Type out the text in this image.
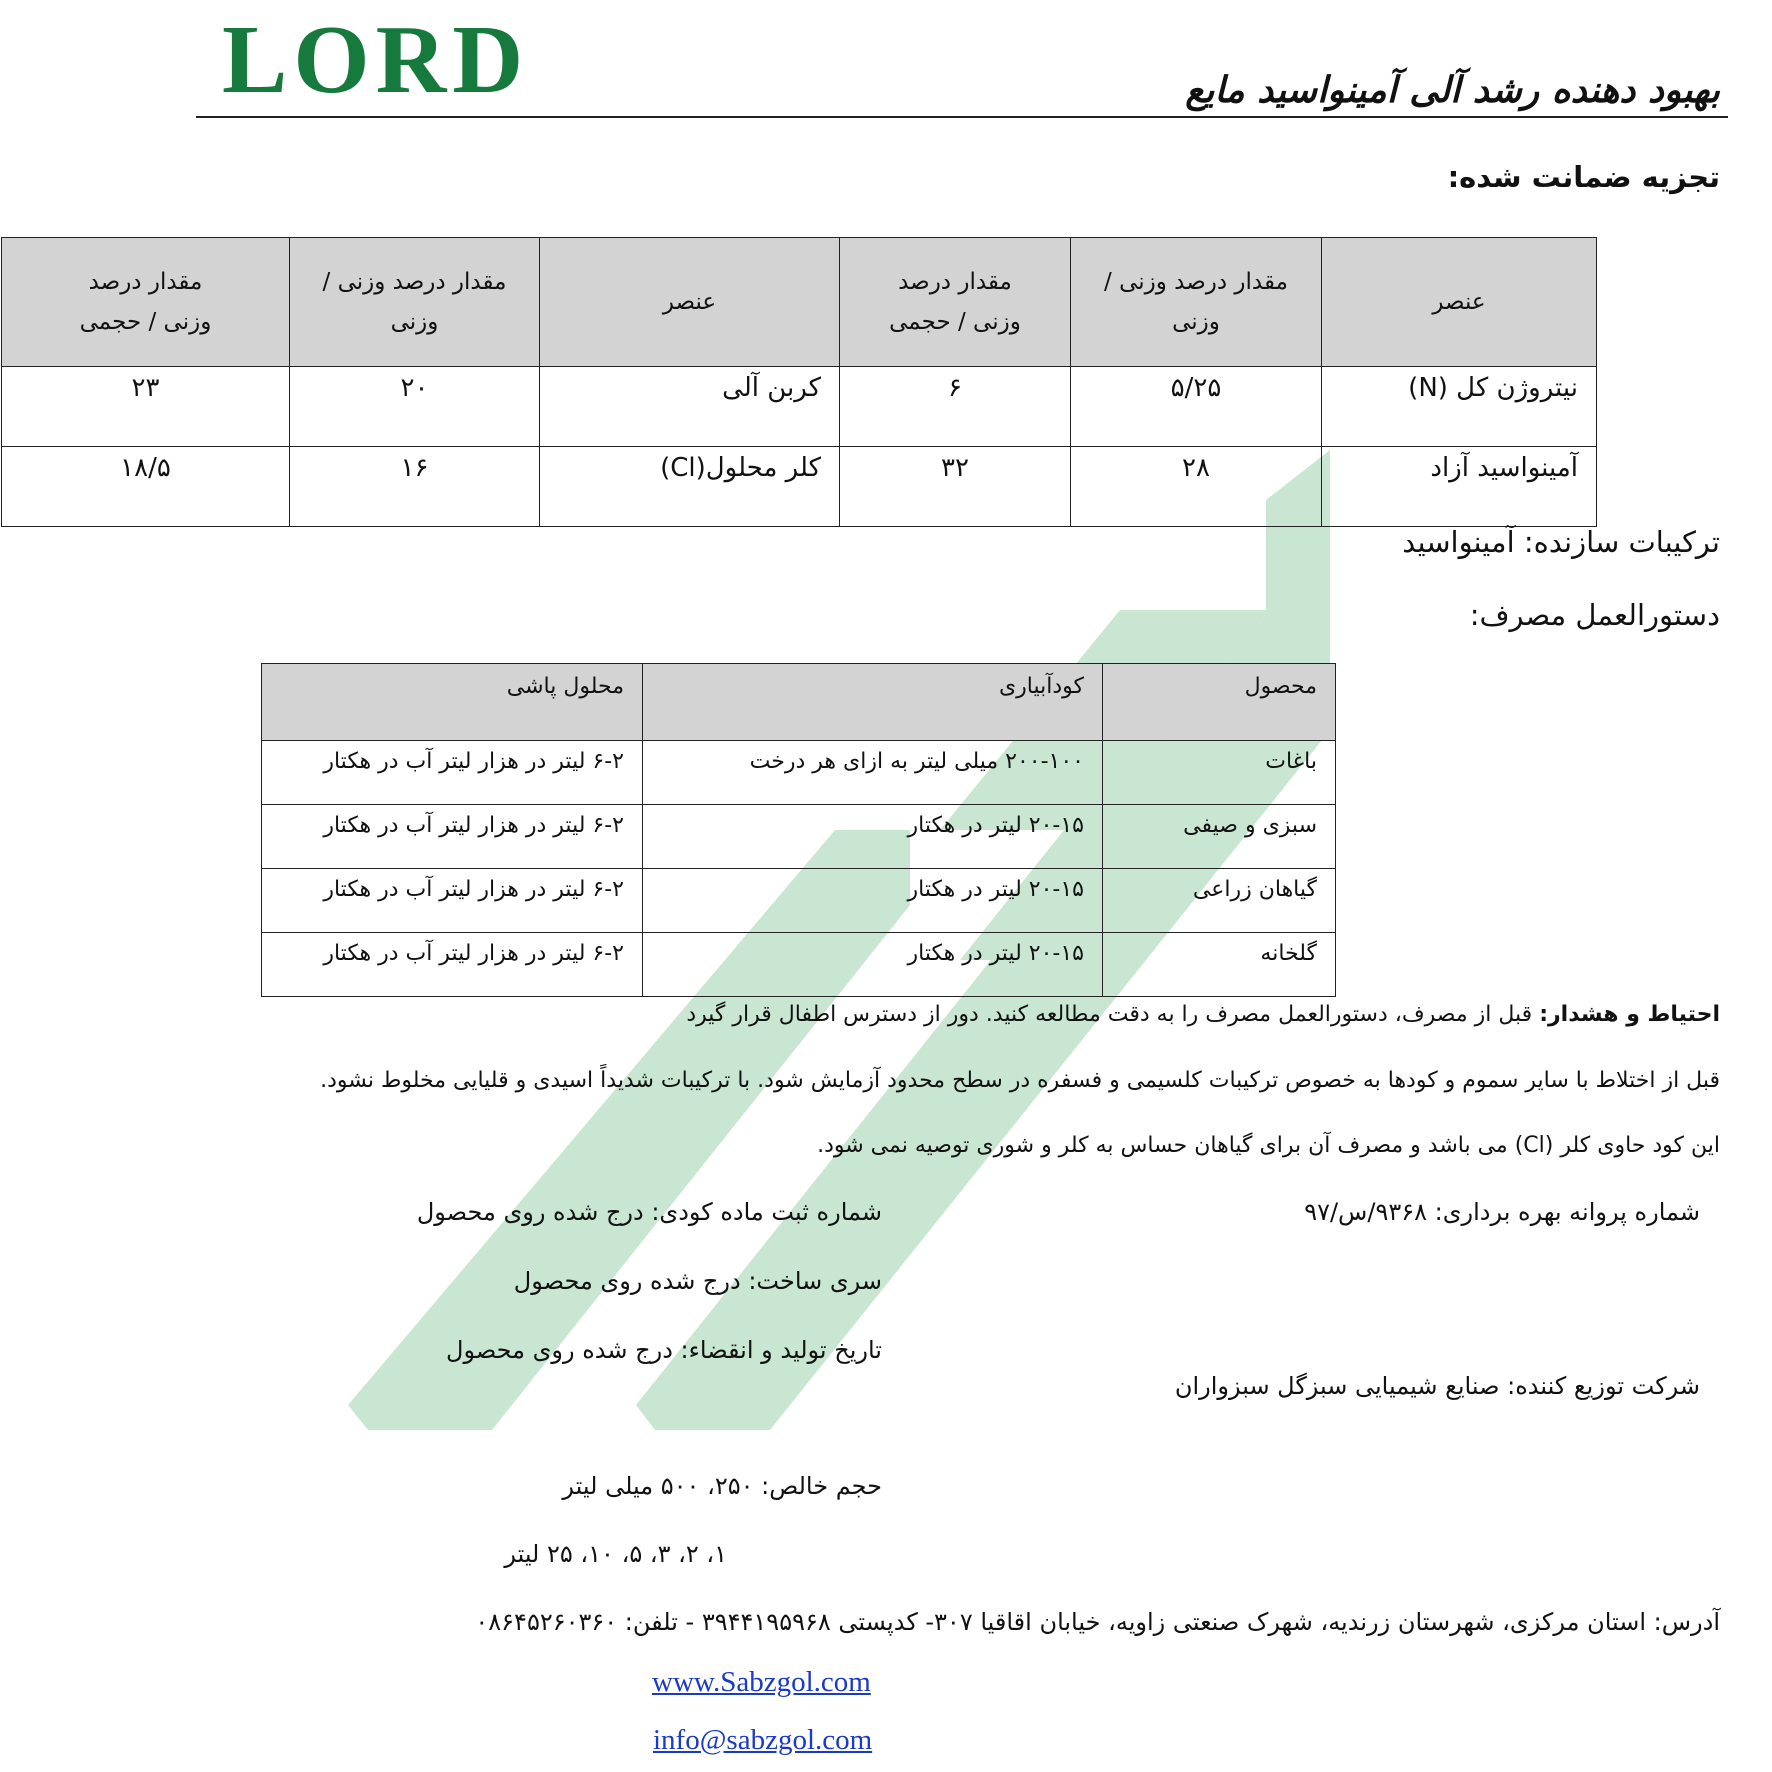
LORD	بهبود دهنده رشد آلی آمینواسید مایع
تجزیه ضمانت شده:
عنصر	مقدار درصد وزنی / وزنی	مقدار درصد وزنی / حجمی	عنصر	مقدار درصد وزنی / وزنی	مقدار درصد وزنی / حجمی

نیتروژن کل (N)	۵/۲۵	۶	کربن آلی	۲۰	۲۳
آمینواسید آزاد	۲۸	۳۲	کلر محلول(Cl)	۱۶	۱۸/۵
ترکیبات سازنده: آمینواسید
دستورالعمل مصرف:
محصول	کودآبیاری	محلول پاشی
باغات	۲۰۰-۱۰۰ میلی لیتر به ازای هر درخت	۶-۲ لیتر در هزار لیتر آب در هکتار
سبزی و صیفی	۲۰-۱۵ لیتر در هکتار	۶-۲ لیتر در هزار لیتر آب در هکتار
گیاهان زراعی	۲۰-۱۵ لیتر در هکتار	۶-۲ لیتر در هزار لیتر آب در هکتار
گلخانه	۲۰-۱۵ لیتر در هکتار	۶-۲ لیتر در هزار لیتر آب در هکتار
احتیاط و هشدار: قبل از مصرف، دستورالعمل مصرف را به دقت مطالعه کنید. دور از دسترس اطفال قرار گیرد
قبل از اختلاط با سایر سموم و کودها به خصوص ترکیبات کلسیمی و فسفره در سطح محدود آزمایش شود. با ترکیبات شدیداً اسیدی و قلیایی مخلوط نشود.
این کود حاوی کلر (Cl) می باشد و مصرف آن برای گیاهان حساس به کلر و شوری توصیه نمی شود.
شماره پروانه بهره برداری: ۹۳۶۸/س/۹۷
شماره ثبت ماده کودی: درج شده روی محصول
سری ساخت: درج شده روی محصول
تاریخ تولید و انقضاء: درج شده روی محصول
شرکت توزیع کننده: صنایع شیمیایی سبزگل سبزواران
حجم خالص: ۲۵۰، ۵۰۰ میلی لیتر
۱، ۲، ۳، ۵، ۱۰، ۲۵ لیتر
آدرس: استان مرکزی، شهرستان زرندیه، شهرک صنعتی زاویه، خیابان اقاقیا ۳۰۷- کدپستی ۳۹۴۴۱۹۵۹۶۸ - تلفن: ۰۸۶۴۵۲۶۰۳۶۰
www.Sabzgol.com
info@sabzgol.com
